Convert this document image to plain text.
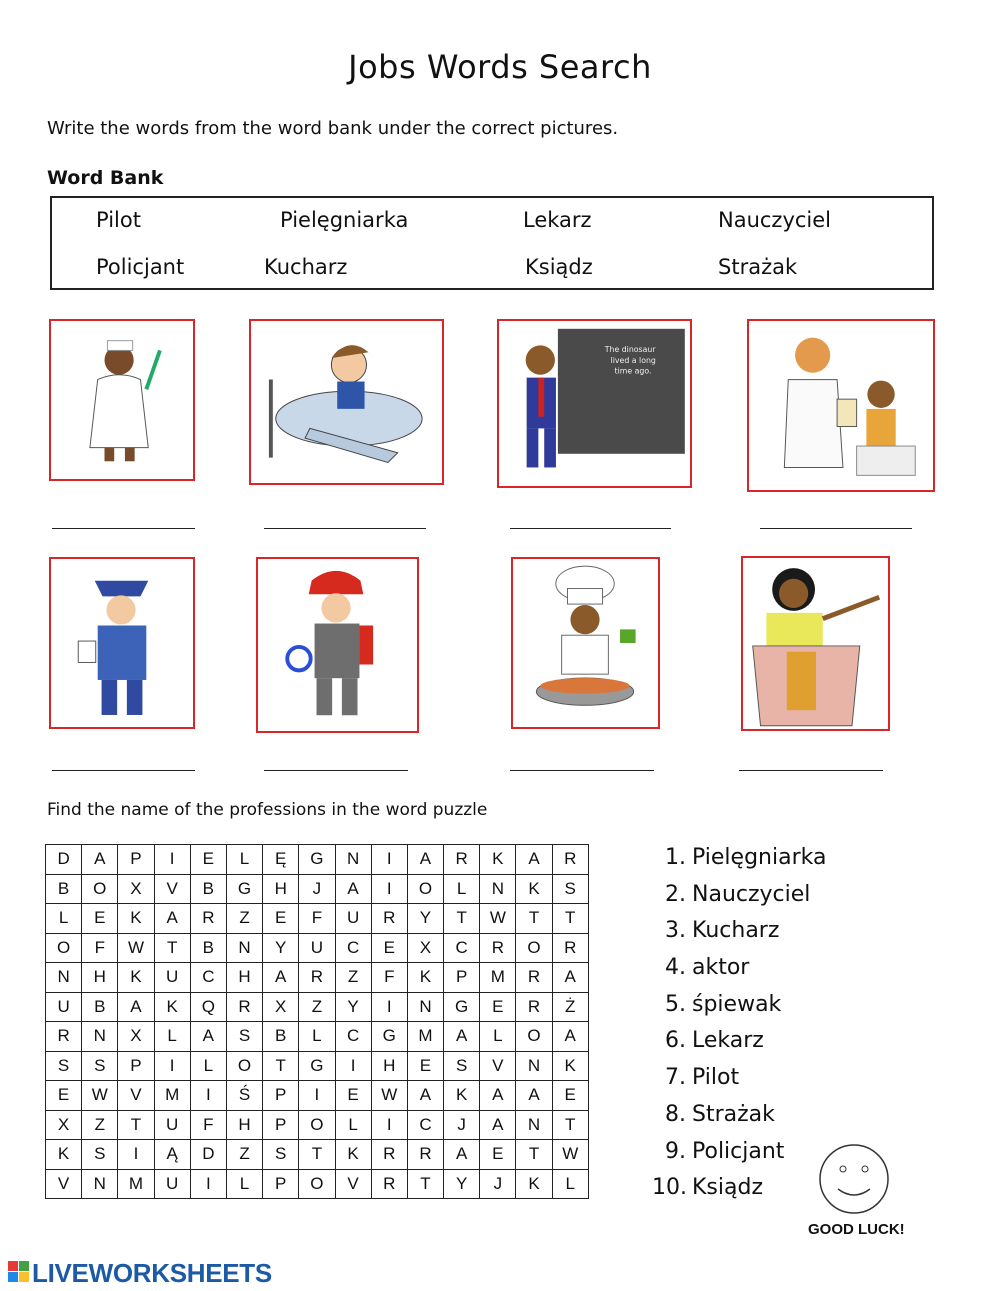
Jobs Words Search
Write the words from the word bank under the correct pictures.
Word Bank
Pilot	Pielęgniarka	Lekarz	Nauczyciel
Policjant	Kucharz	Ksiądz	Strażak
The dinosaur
lived a long
time ago.
Find the name of the professions in the word puzzle
D	A	P	I	E	L	Ę	G	N	I	A	R	K	A	R
B	O	X	V	B	G	H	J	A	I	O	L	N	K	S
L	E	K	A	R	Z	E	F	U	R	Y	T	W	T	T
O	F	W	T	B	N	Y	U	C	E	X	C	R	O	R
N	H	K	U	C	H	A	R	Z	F	K	P	M	R	A
U	B	A	K	Q	R	X	Z	Y	I	N	G	E	R	Ż
R	N	X	L	A	S	B	L	C	G	M	A	L	O	A
S	S	P	I	L	O	T	G	I	H	E	S	V	N	K
E	W	V	M	I	Ś	P	I	E	W	A	K	A	A	E
X	Z	T	U	F	H	P	O	L	I	C	J	A	N	T
K	S	I	Ą	D	Z	S	T	K	R	R	A	E	T	W
V	N	M	U	I	L	P	O	V	R	T	Y	J	K	L
1. Pielęgniarka
2. Nauczyciel
3. Kucharz
4. aktor
5. śpiewak
6. Lekarz
7. Pilot
8. Strażak
9. Policjant
10. Ksiądz
GOOD LUCK!
LIVEWORKSHEETS
